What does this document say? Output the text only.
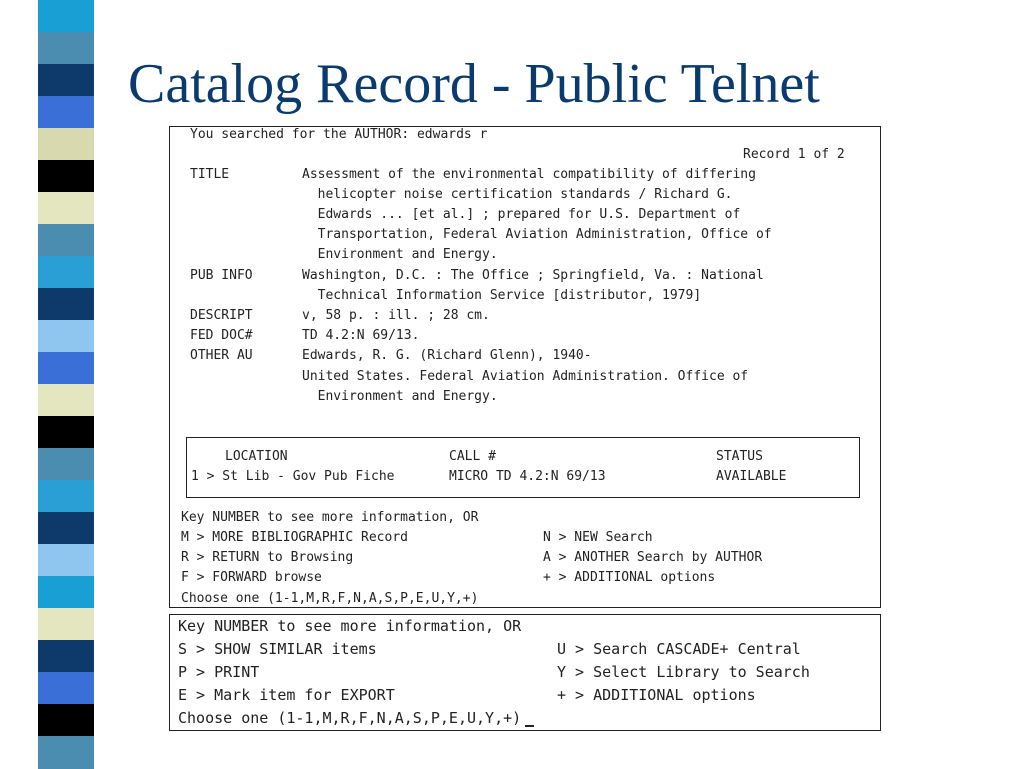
Catalog Record - Public Telnet
You searched for the AUTHOR: edwards r
Record 1 of 2
TITLE	Assessment of the environmental compatibility of differing
helicopter noise certification standards / Richard G.
Edwards ... [et al.] ; prepared for U.S. Department of
Transportation, Federal Aviation Administration, Office of
Environment and Energy.
PUB INFO	Washington, D.C. : The Office ; Springfield, Va. : National
Technical Information Service [distributor, 1979]
DESCRIPT	v, 58 p. : ill. ; 28 cm.
FED DOC#	TD 4.2:N 69/13.
OTHER AU	Edwards, R. G. (Richard Glenn), 1940-
United States. Federal Aviation Administration. Office of
Environment and Energy.
LOCATION	CALL #	STATUS
1 > St Lib - Gov Pub Fiche	MICRO TD 4.2:N 69/13	AVAILABLE
Key NUMBER to see more information, OR
M > MORE BIBLIOGRAPHIC Record
R > RETURN to Browsing
F > FORWARD browse
N > NEW Search
A > ANOTHER Search by AUTHOR
+ > ADDITIONAL options
Choose one (1-1,M,R,F,N,A,S,P,E,U,Y,+)
Key NUMBER to see more information, OR
S > SHOW SIMILAR items
P > PRINT
E > Mark item for EXPORT
U > Search CASCADE+ Central
Y > Select Library to Search
+ > ADDITIONAL options
Choose one (1-1,M,R,F,N,A,S,P,E,U,Y,+)
